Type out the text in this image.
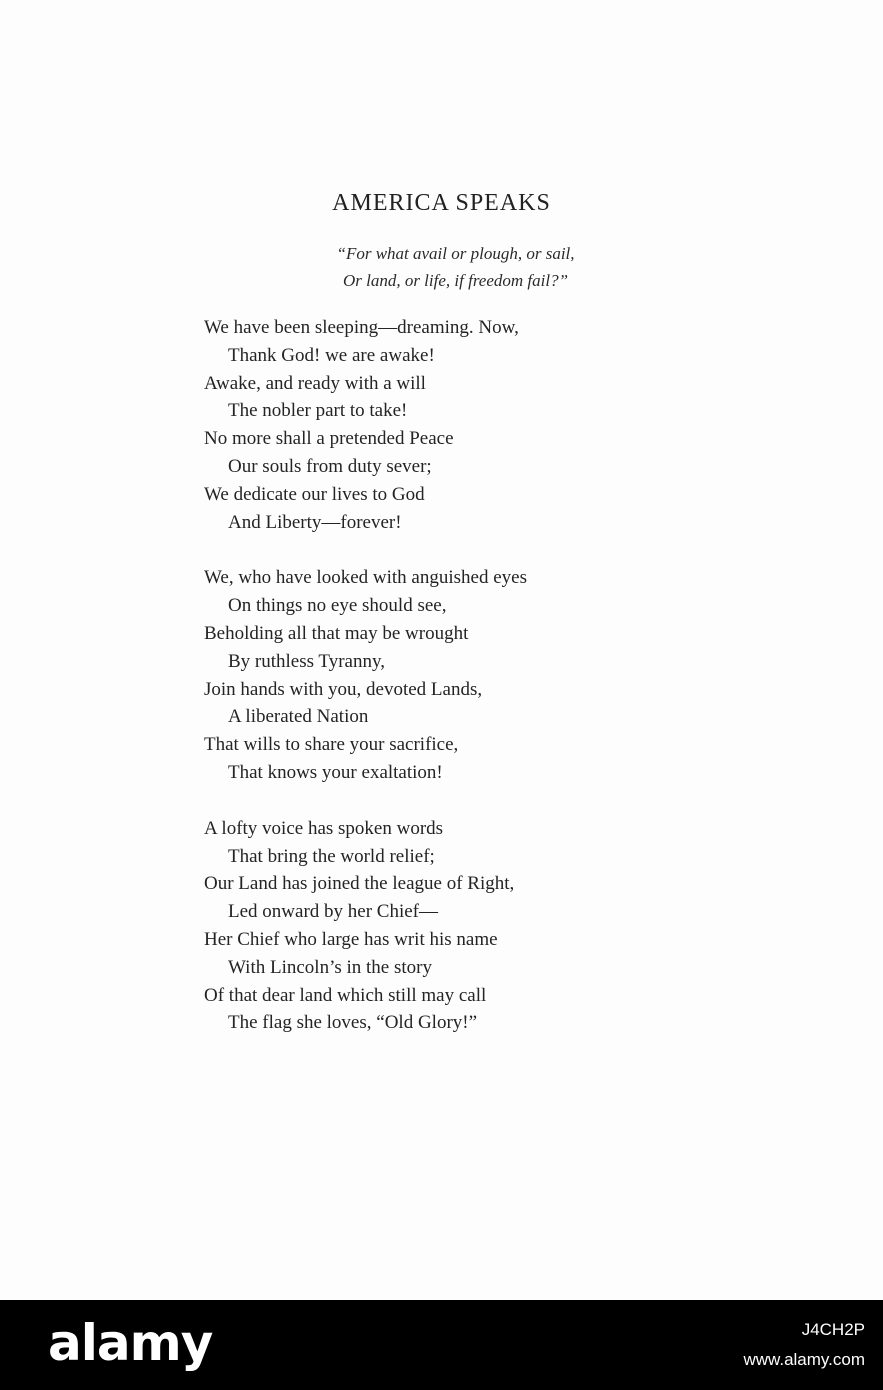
AMERICA SPEAKS
“For what avail or plough, or sail,
Or land, or life, if freedom fail?”
We have been sleeping—dreaming. Now,
Thank God! we are awake!
Awake, and ready with a will
The nobler part to take!
No more shall a pretended Peace
Our souls from duty sever;
We dedicate our lives to God
And Liberty—forever!
We, who have looked with anguished eyes
On things no eye should see,
Beholding all that may be wrought
By ruthless Tyranny,
Join hands with you, devoted Lands,
A liberated Nation
That wills to share your sacrifice,
That knows your exaltation!
A lofty voice has spoken words
That bring the world relief;
Our Land has joined the league of Right,
Led onward by her Chief—
Her Chief who large has writ his name
With Lincoln’s in the story
Of that dear land which still may call
The flag she loves, “Old Glory!”
alamy	J4CH2P
www.alamy.com
